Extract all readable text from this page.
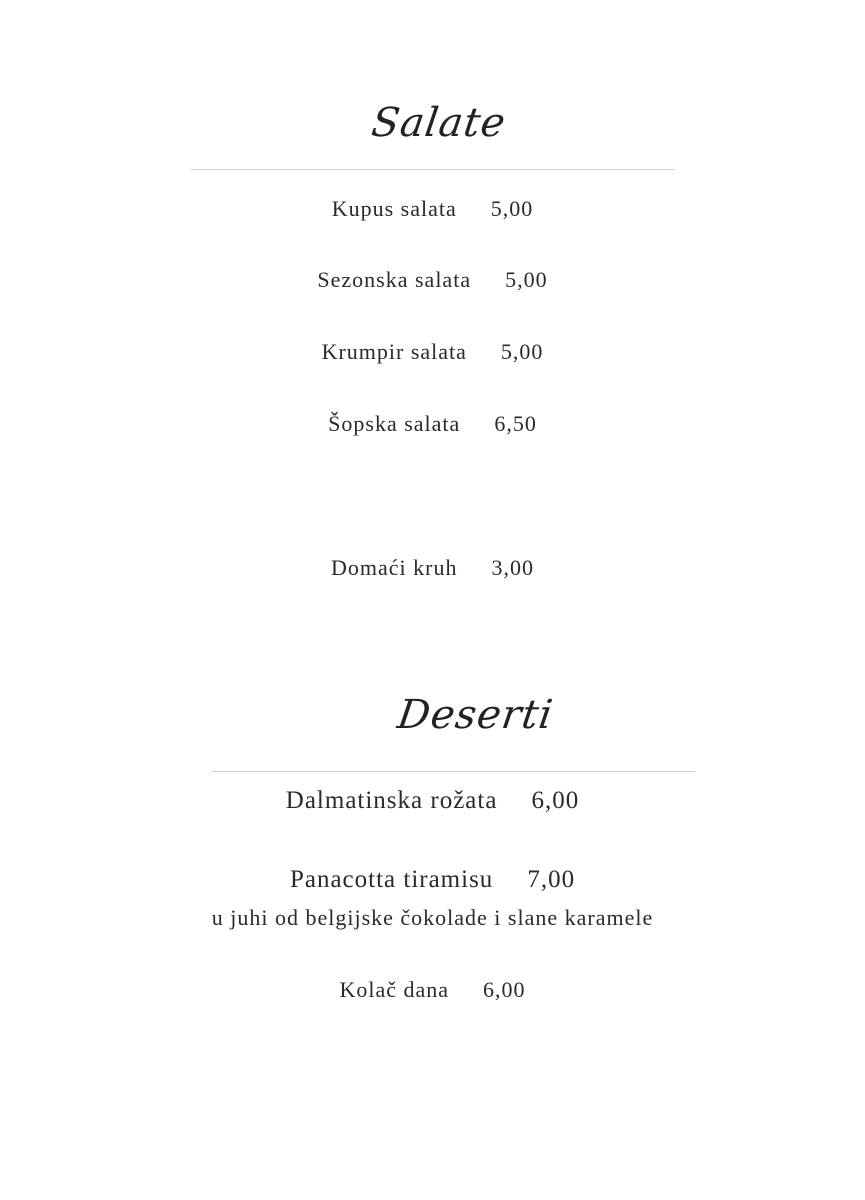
Salate
Kupus salata 5,00
Sezonska salata 5,00
Krumpir salata 5,00
Šopska salata 6,50
Domaći kruh 3,00
Deserti
Dalmatinska rožata 6,00
Panacotta tiramisu 7,00
u juhi od belgijske čokolade i slane karamele
Kolač dana 6,00
